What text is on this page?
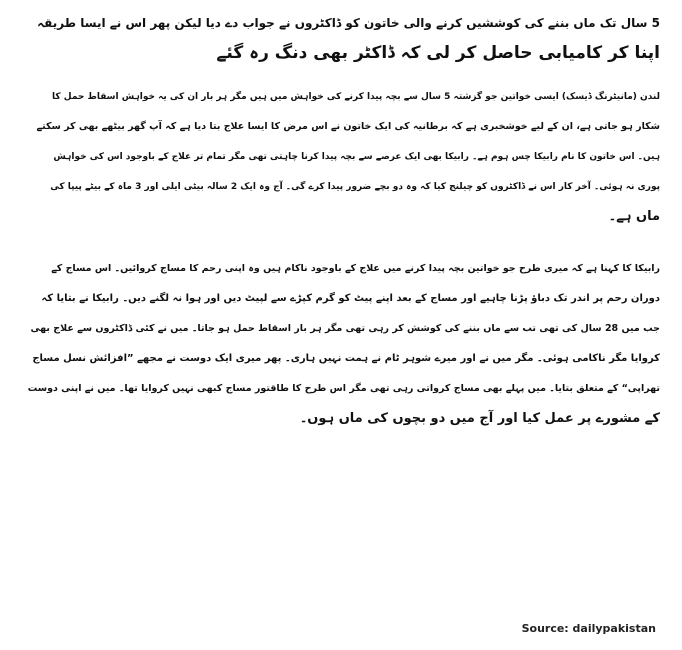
5 سال تک ماں بننے کی کوششیں کرنے والی خاتون کو ڈاکٹروں نے جواب دے دیا لیکن پھر اس نے ایسا طریقہ
اپنا کر کامیابی حاصل کر لی کہ ڈاکٹر بھی دنگ رہ گئے

لندن (مانیٹرنگ ڈیسک) ایسی خواتین جو گزشتہ 5 سال سے بچہ پیدا کرنے کی خواہش میں ہیں مگر ہر بار ان کی یہ خواہش اسقاط حمل کا
شکار ہو جاتی ہے، ان کے لیے خوشخبری ہے کہ برطانیہ کی ایک خاتون نے اس مرض کا ایسا علاج بتا دیا ہے کہ آپ گھر بیٹھے بھی کر سکتے
ہیں۔ اس خاتون کا نام رابیکا چس ہوم ہے۔ رابیکا بھی ایک عرصے سے بچہ پیدا کرنا چاہتی تھی مگر تمام تر علاج کے باوجود اس کی خواہش
پوری نہ ہوئی۔ آخر کار اس نے ڈاکٹروں کو چیلنج کیا کہ وہ دو بچے ضرور پیدا کرے گی۔ آج وہ ایک 2 سالہ بیٹی ایلی اور 3 ماہ کے بیٹے پیپا کی
ماں ہے۔

رابیکا کا کہنا ہے کہ میری طرح جو خواتین بچہ پیدا کرنے میں علاج کے باوجود ناکام ہیں وہ اپنی رحم کا مساج کروائیں۔ اس مساج کے
دوران رحم پر اندر تک دباؤ پڑنا چاہیے اور مساج کے بعد اپنے پیٹ کو گرم کپڑے سے لپیٹ دیں اور ہوا نہ لگنے دیں۔ رابیکا نے بتایا کہ
جب میں 28 سال کی تھی تب سے ماں بننے کی کوشش کر رہی تھی مگر ہر بار اسقاط حمل ہو جاتا۔ میں نے کئی ڈاکٹروں سے علاج بھی
کروایا مگر ناکامی ہوئی۔ مگر میں نے اور میرے شوہر ٹام نے ہمت نہیں ہاری۔ پھر میری ایک دوست نے مجھے ”افزائش نسل مساج
تھراپی“ کے متعلق بتایا۔ میں پہلے بھی مساج کرواتی رہی تھی مگر اس طرح کا طاقتور مساج کبھی نہیں کروایا تھا۔ میں نے اپنی دوست
کے مشورے پر عمل کیا اور آج میں دو بچوں کی ماں ہوں۔

Source: dailypakistan
